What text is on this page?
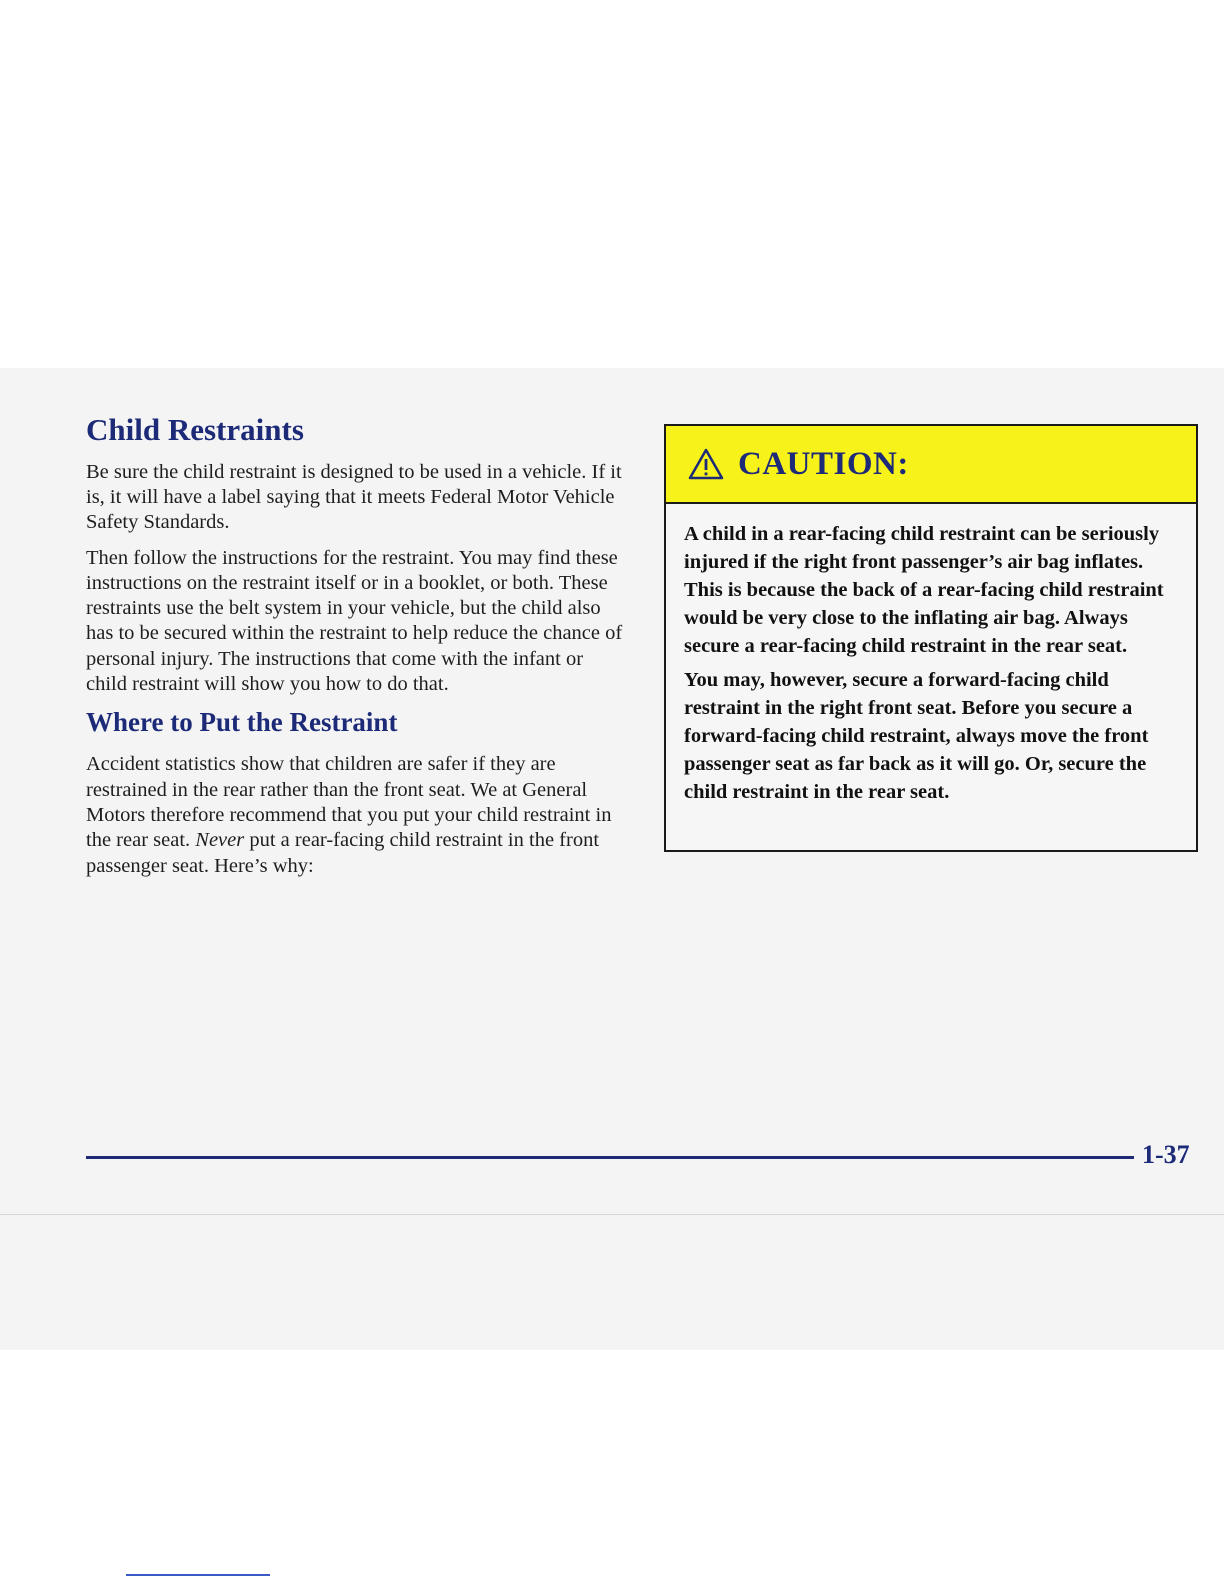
Child Restraints

Be sure the child restraint is designed to be used in a vehicle. If it is, it will have a label saying that it meets Federal Motor Vehicle Safety Standards.

Then follow the instructions for the restraint. You may find these instructions on the restraint itself or in a booklet, or both. These restraints use the belt system in your vehicle, but the child also has to be secured within the restraint to help reduce the chance of personal injury. The instructions that come with the infant or child restraint will show you how to do that.

Where to Put the Restraint

Accident statistics show that children are safer if they are restrained in the rear rather than the front seat. We at General Motors therefore recommend that you put your child restraint in the rear seat. Never put a rear-facing child restraint in the front passenger seat. Here’s why:

CAUTION:

A child in a rear-facing child restraint can be seriously injured if the right front passenger’s air bag inflates. This is because the back of a rear-facing child restraint would be very close to the inflating air bag. Always secure a rear-facing child restraint in the rear seat.

You may, however, secure a forward-facing child restraint in the right front seat. Before you secure a forward-facing child restraint, always move the front passenger seat as far back as it will go. Or, secure the child restraint in the rear seat.

1-37
